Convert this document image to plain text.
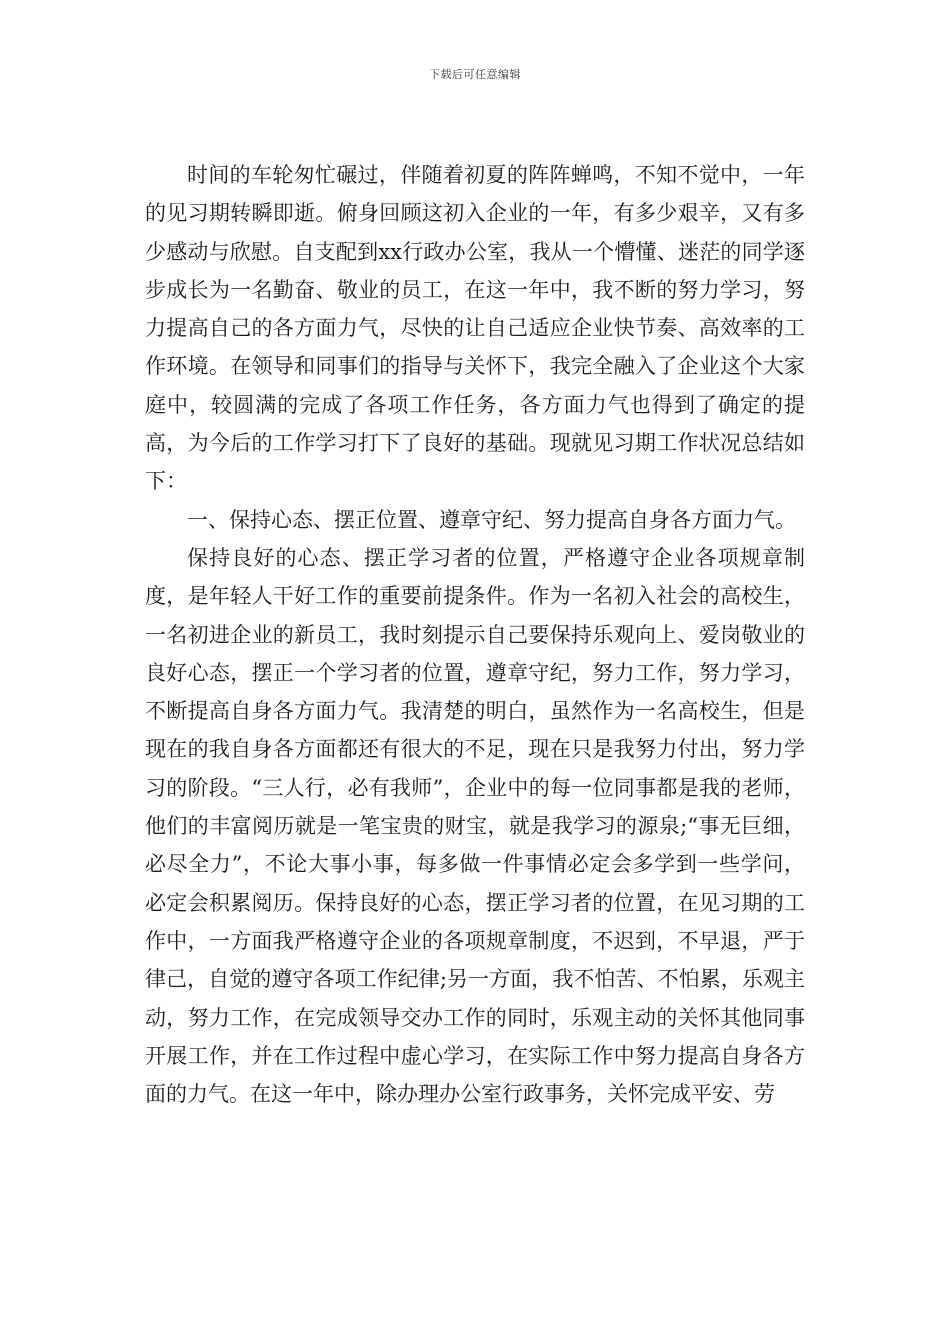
下载后可任意编辑

时间的车轮匆忙碾过，伴随着初夏的阵阵蝉鸣，不知不觉中，一年的见习期转瞬即逝。俯身回顾这初入企业的一年，有多少艰辛，又有多少感动与欣慰。自支配到xx行政办公室，我从一个懵懂、迷茫的同学逐步成长为一名勤奋、敬业的员工，在这一年中，我不断的努力学习，努力提高自己的各方面力气，尽快的让自己适应企业快节奏、高效率的工作环境。在领导和同事们的指导与关怀下，我完全融入了企业这个大家庭中，较圆满的完成了各项工作任务，各方面力气也得到了确定的提高，为今后的工作学习打下了良好的基础。现就见习期工作状况总结如下：

一、保持心态、摆正位置、遵章守纪、努力提高自身各方面力气。

保持良好的心态、摆正学习者的位置，严格遵守企业各项规章制度，是年轻人干好工作的重要前提条件。作为一名初入社会的高校生，一名初进企业的新员工，我时刻提示自己要保持乐观向上、爱岗敬业的良好心态，摆正一个学习者的位置，遵章守纪，努力工作，努力学习，不断提高自身各方面力气。我清楚的明白，虽然作为一名高校生，但是现在的我自身各方面都还有很大的不足，现在只是我努力付出，努力学习的阶段。“三人行，必有我师”，企业中的每一位同事都是我的老师，他们的丰富阅历就是一笔宝贵的财宝，就是我学习的源泉;“事无巨细，必尽全力”，不论大事小事，每多做一件事情必定会多学到一些学问，必定会积累阅历。保持良好的心态，摆正学习者的位置，在见习期的工作中，一方面我严格遵守企业的各项规章制度，不迟到，不早退，严于律己，自觉的遵守各项工作纪律;另一方面，我不怕苦、不怕累，乐观主动，努力工作，在完成领导交办工作的同时，乐观主动的关怀其他同事开展工作，并在工作过程中虚心学习，在实际工作中努力提高自身各方面的力气。在这一年中，除办理办公室行政事务，关怀完成平安、劳
